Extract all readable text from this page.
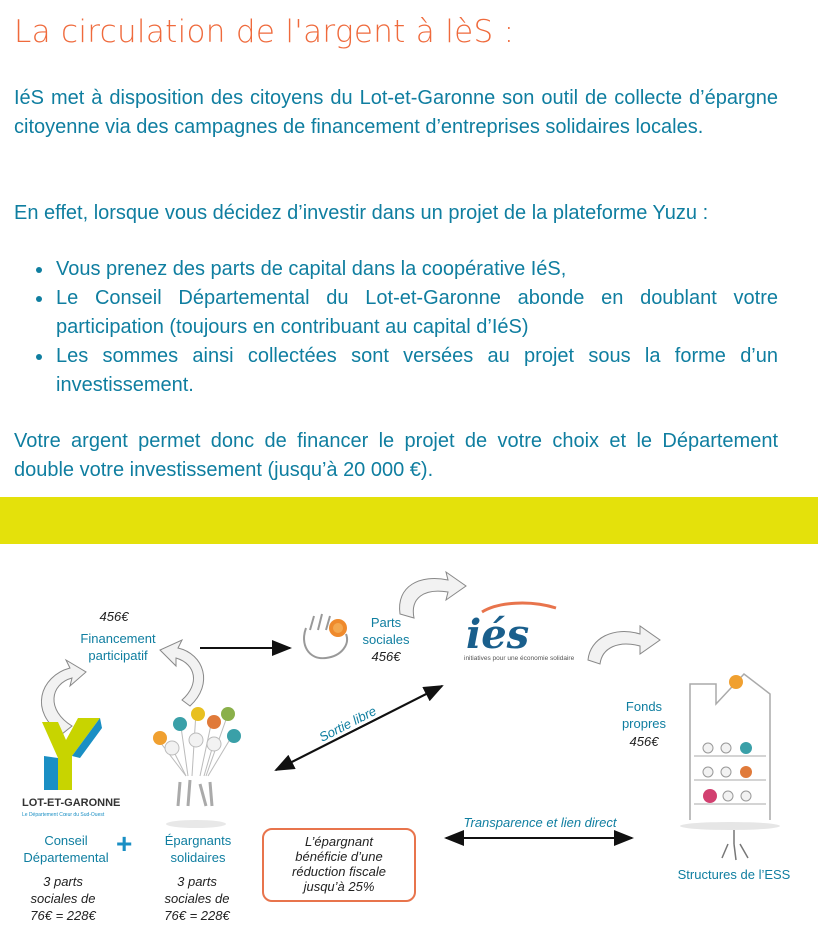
La circulation de l'argent à lèS :

IéS met à disposition des citoyens du Lot-et-Garonne son outil de collecte d’épargne citoyenne via des campagnes de financement d’entreprises solidaires locales.

En effet, lorsque vous décidez d’investir dans un projet de la plateforme Yuzu :

Vous prenez des parts de capital dans la coopérative IéS,
Le Conseil Départemental du Lot-et-Garonne abonde en doublant votre participation (toujours en contribuant au capital d’IéS)
Les sommes ainsi collectées sont versées au projet sous la forme d’un investissement.

Votre argent permet donc de financer le projet de votre choix et le Département double votre investissement (jusqu’à 20 000 €).

iés
initiatives pour une économie solidaire
LOT-ET-GARONNE
Le Département Cœur du Sud-Ouest
Sortie libre
456€
Financement
participatif
Parts
sociales
456€
Fonds
propres
456€
Transparence et lien direct
Conseil
Départemental
3 parts
sociales de
76€ = 228€
+	Épargnants
solidaires
3 parts
sociales de
76€ = 228€
L’épargnant
bénéficie d’une
réduction fiscale
jusqu’à 25%
Structures de l’ESS
